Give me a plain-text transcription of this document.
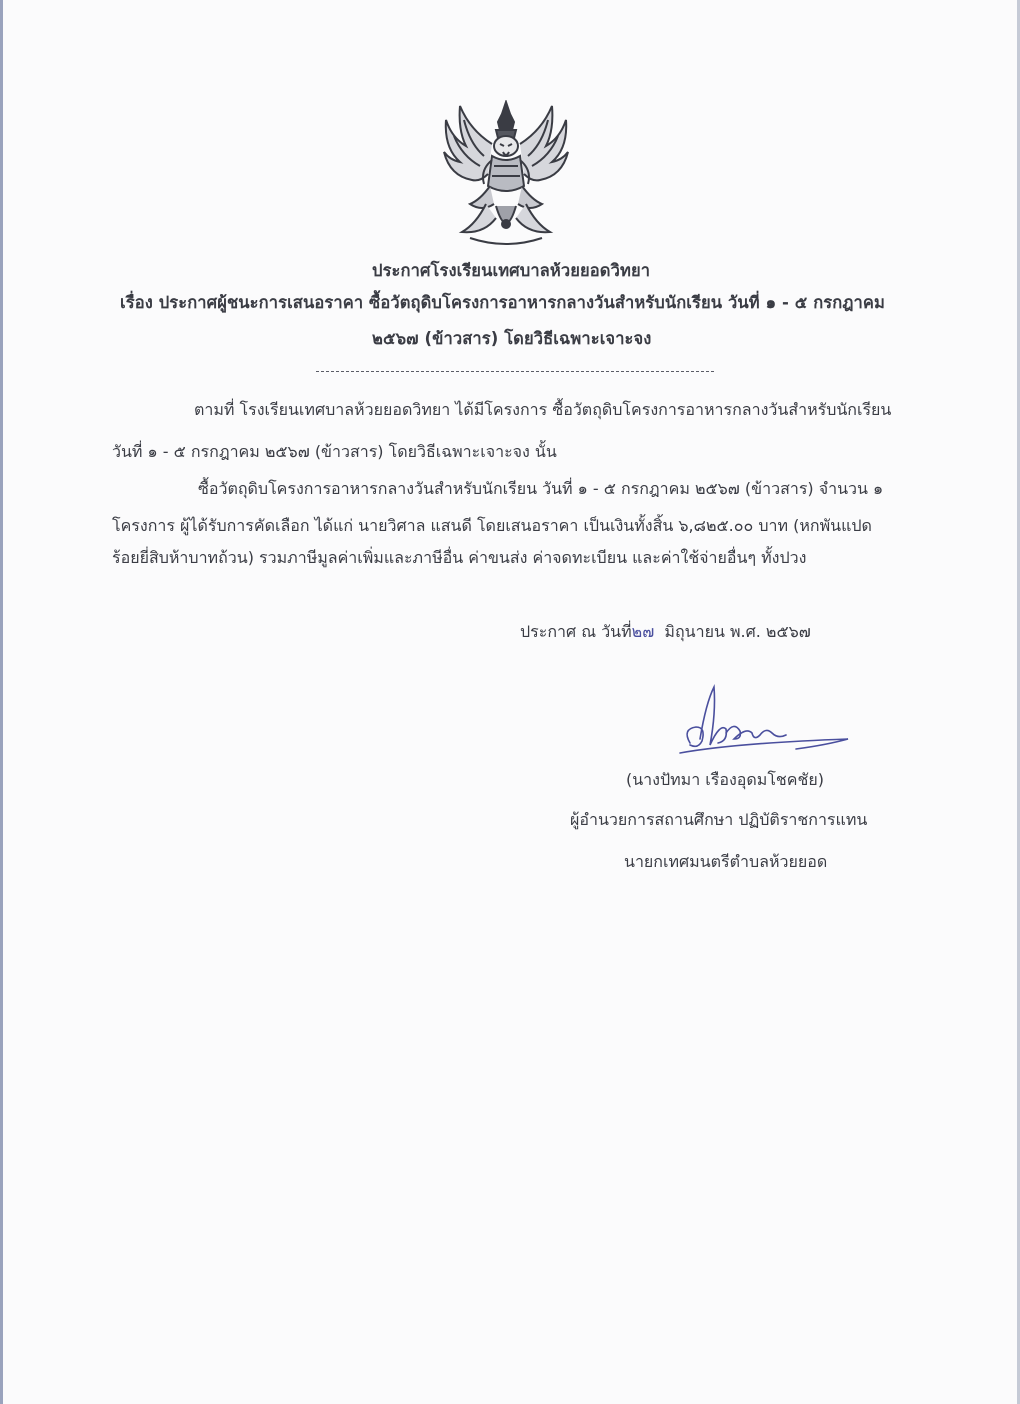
ประกาศโรงเรียนเทศบาลห้วยยอดวิทยา
เรื่อง ประกาศผู้ชนะการเสนอราคา ซื้อวัตถุดิบโครงการอาหารกลางวันสำหรับนักเรียน วันที่ ๑ - ๕ กรกฎาคม
๒๕๖๗ (ข้าวสาร) โดยวิธีเฉพาะเจาะจง
ตามที่ โรงเรียนเทศบาลห้วยยอดวิทยา ได้มีโครงการ ซื้อวัตถุดิบโครงการอาหารกลางวันสำหรับนักเรียน
วันที่ ๑ - ๕ กรกฎาคม ๒๕๖๗ (ข้าวสาร) โดยวิธีเฉพาะเจาะจง นั้น
ซื้อวัตถุดิบโครงการอาหารกลางวันสำหรับนักเรียน วันที่ ๑ - ๕ กรกฎาคม ๒๕๖๗ (ข้าวสาร) จำนวน ๑
โครงการ ผู้ได้รับการคัดเลือก ได้แก่ นายวิศาล แสนดี โดยเสนอราคา เป็นเงินทั้งสิ้น ๖,๘๒๕.๐๐ บาท (หกพันแปด
ร้อยยี่สิบห้าบาทถ้วน) รวมภาษีมูลค่าเพิ่มและภาษีอื่น ค่าขนส่ง ค่าจดทะเบียน และค่าใช้จ่ายอื่นๆ ทั้งปวง
ประกาศ ณ วันที่๒๗ มิถุนายน พ.ศ. ๒๕๖๗
(นางปัทมา เรืองอุดมโชคชัย)
ผู้อำนวยการสถานศึกษา ปฏิบัติราชการแทน
นายกเทศมนตรีตำบลห้วยยอด
